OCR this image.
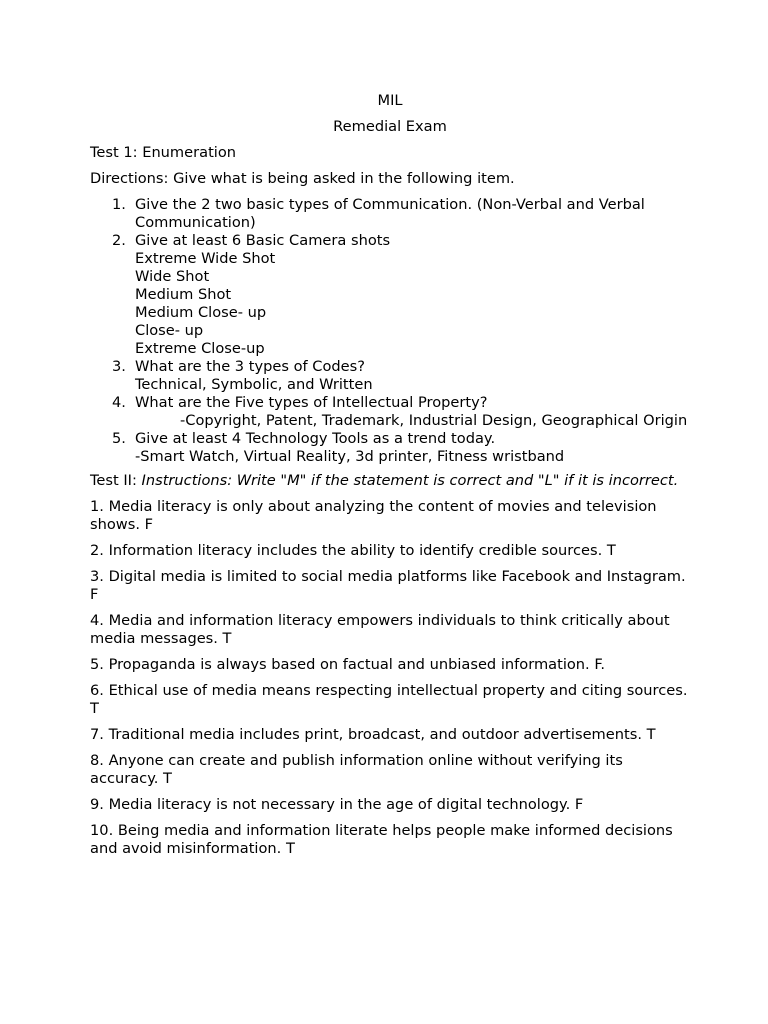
MIL
Remedial Exam
Test 1: Enumeration
Directions: Give what is being asked in the following item.
1. Give the 2 two basic types of Communication. (Non-Verbal and Verbal Communication)
2. Give at least 6 Basic Camera shots
Extreme Wide Shot
Wide Shot
Medium Shot
Medium Close- up
Close- up
Extreme Close-up
3. What are the 3 types of Codes?
Technical, Symbolic, and Written
4. What are the Five types of Intellectual Property?
-Copyright, Patent, Trademark, Industrial Design, Geographical Origin
5. Give at least 4 Technology Tools as a trend today.
-Smart Watch, Virtual Reality, 3d printer, Fitness wristband
Test II: Instructions: Write "M" if the statement is correct and "L" if it is incorrect.
1. Media literacy is only about analyzing the content of movies and television shows. F
2. Information literacy includes the ability to identify credible sources. T
3. Digital media is limited to social media platforms like Facebook and Instagram. F
4. Media and information literacy empowers individuals to think critically about media messages. T
5. Propaganda is always based on factual and unbiased information. F.
6. Ethical use of media means respecting intellectual property and citing sources. T
7. Traditional media includes print, broadcast, and outdoor advertisements. T
8. Anyone can create and publish information online without verifying its accuracy. T
9. Media literacy is not necessary in the age of digital technology. F
10. Being media and information literate helps people make informed decisions and avoid misinformation. T
